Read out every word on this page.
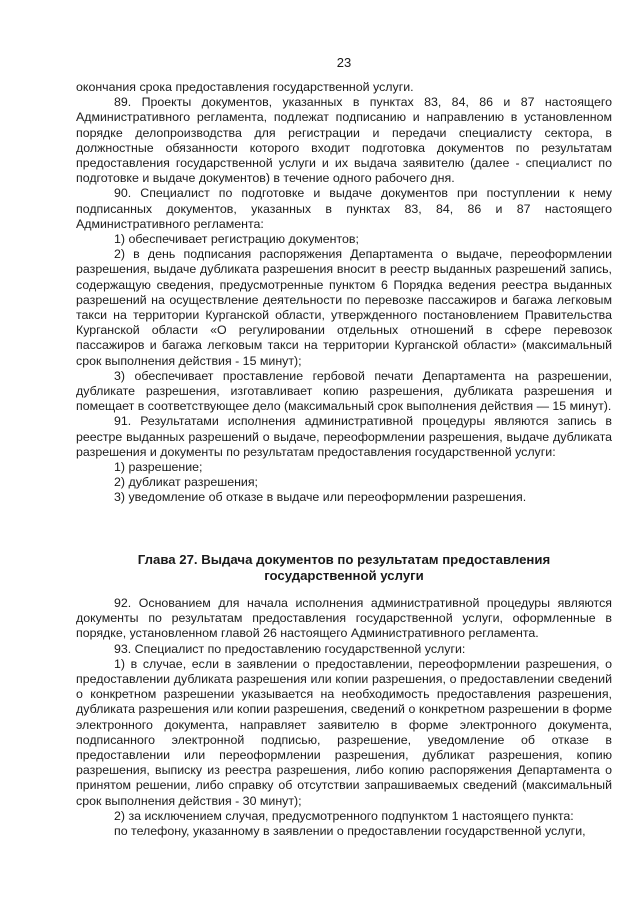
23

окончания срока предоставления государственной услуги.

89. Проекты документов, указанных в пунктах 83, 84, 86 и 87 настоящего Административного регламента, подлежат подписанию и направлению в установленном порядке делопроизводства для регистрации и передачи специалисту сектора, в должностные обязанности которого входит подготовка документов по результатам предоставления государственной услуги и их выдача заявителю (далее - специалист по подготовке и выдаче документов) в течение одного рабочего дня.

90. Специалист по подготовке и выдаче документов при поступлении к нему подписанных документов, указанных в пунктах 83, 84, 86 и 87 настоящего Административного регламента:

1) обеспечивает регистрацию документов;

2) в день подписания распоряжения Департамента о выдаче, переоформлении разрешения, выдаче дубликата разрешения вносит в реестр выданных разрешений запись, содержащую сведения, предусмотренные пунктом 6 Порядка ведения реестра выданных разрешений на осуществление деятельности по перевозке пассажиров и багажа легковым такси на территории Курганской области, утвержденного постановлением Правительства Курганской области «О регулировании отдельных отношений в сфере перевозок пассажиров и багажа легковым такси на территории Курганской области» (максимальный срок выполнения действия - 15 минут);

3) обеспечивает проставление гербовой печати Департамента на разрешении, дубликате разрешения, изготавливает копию разрешения, дубликата разрешения и помещает в соответствующее дело (максимальный срок выполнения действия — 15 минут).

91. Результатами исполнения административной процедуры являются запись в реестре выданных разрешений о выдаче, переоформлении разрешения, выдаче дубликата разрешения и документы по результатам предоставления государственной услуги:

1) разрешение;

2) дубликат разрешения;

3) уведомление об отказе в выдаче или переоформлении разрешения.

Глава 27. Выдача документов по результатам предоставления
государственной услуги

92. Основанием для начала исполнения административной процедуры являются документы по результатам предоставления государственной услуги, оформленные в порядке, установленном главой 26 настоящего Административного регламента.

93. Специалист по предоставлению государственной услуги:

1) в случае, если в заявлении о предоставлении, переоформлении разрешения, о предоставлении дубликата разрешения или копии разрешения, о предоставлении сведений о конкретном разрешении указывается на необходимость предоставления разрешения, дубликата разрешения или копии разрешения, сведений о конкретном разрешении в форме электронного документа, направляет заявителю в форме электронного документа, подписанного электронной подписью, разрешение, уведомление об отказе в предоставлении или переоформлении разрешения, дубликат разрешения, копию разрешения, выписку из реестра разрешения, либо копию распоряжения Департамента о принятом решении, либо справку об отсутствии запрашиваемых сведений (максимальный срок выполнения действия - 30 минут);

2) за исключением случая, предусмотренного подпунктом 1 настоящего пункта:

по телефону, указанному в заявлении о предоставлении государственной услуги,
